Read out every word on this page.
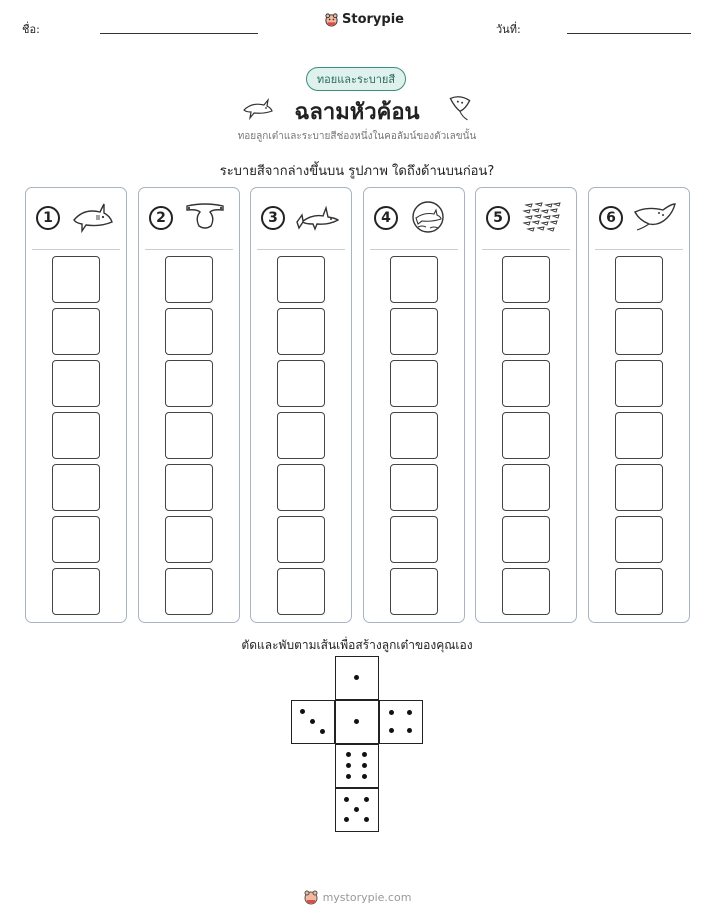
ชื่อ:
Storypie
วันที่:
ทอยและระบายสี
ฉลามหัวค้อน
ทอยลูกเต๋าและระบายสีช่องหนึ่งในคอลัมน์ของตัวเลขนั้น
ระบายสีจากล่างขึ้นบน รูปภาพ ใดถึงด้านบนก่อน?
1	2	3	4	5	6
ตัดและพับตามเส้นเพื่อสร้างลูกเต๋าของคุณเอง
mystorypie.com
